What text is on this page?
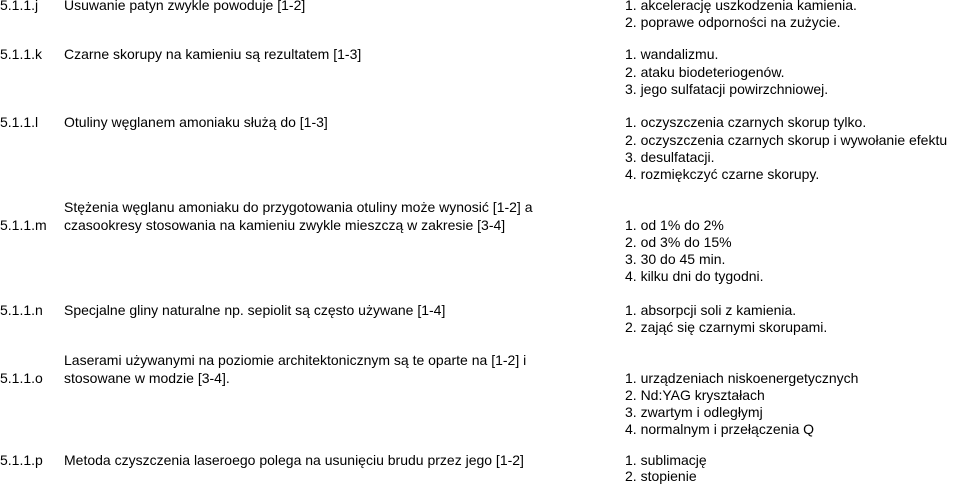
5.1.1.j Usuwanie patyn zwykle powoduje [1-2]	1. akcelerację uszkodzenia kamienia.
2. poprawe odporności na zużycie.
5.1.1.k Czarne skorupy na kamieniu są rezultatem [1-3]	1. wandalizmu.
2. ataku biodeteriogenów.
3. jego sulfatacji powirzchniowej.
5.1.1.l Otuliny węglanem amoniaku służą do [1-3]	1. oczyszczenia czarnych skorup tylko.
2. oczyszczenia czarnych skorup i wywołanie efektu
3. desulfatacji.
4. rozmiękczyć czarne skorupy.
5.1.1.m
Stężenia węglanu amoniaku do przygotowania otuliny może wynosić [1-2] a
czasookresy stosowania na kamieniu zwykle mieszczą w zakresie [3-4]	1. od 1% do 2%
2. od 3% do 15%
3. 30 do 45 min.
4. kilku dni do tygodni.
5.1.1.n Specjalne gliny naturalne np. sepiolit są często używane [1-4]	1. absorpcji soli z kamienia.
2. zająć się czarnymi skorupami.
5.1.1.o
Laserami używanymi na poziomie architektonicznym są te oparte na [1-2] i
stosowane w modzie [3-4].	1. urządzeniach niskoenergetycznych
2. Nd:YAG kryształach
3. zwartym i odległymj
4. normalnym i przełączenia Q
5.1.1.p Metoda czyszczenia laseroego polega na usunięciu brudu przez jego [1-2]	1. sublimację
2. stopienie
